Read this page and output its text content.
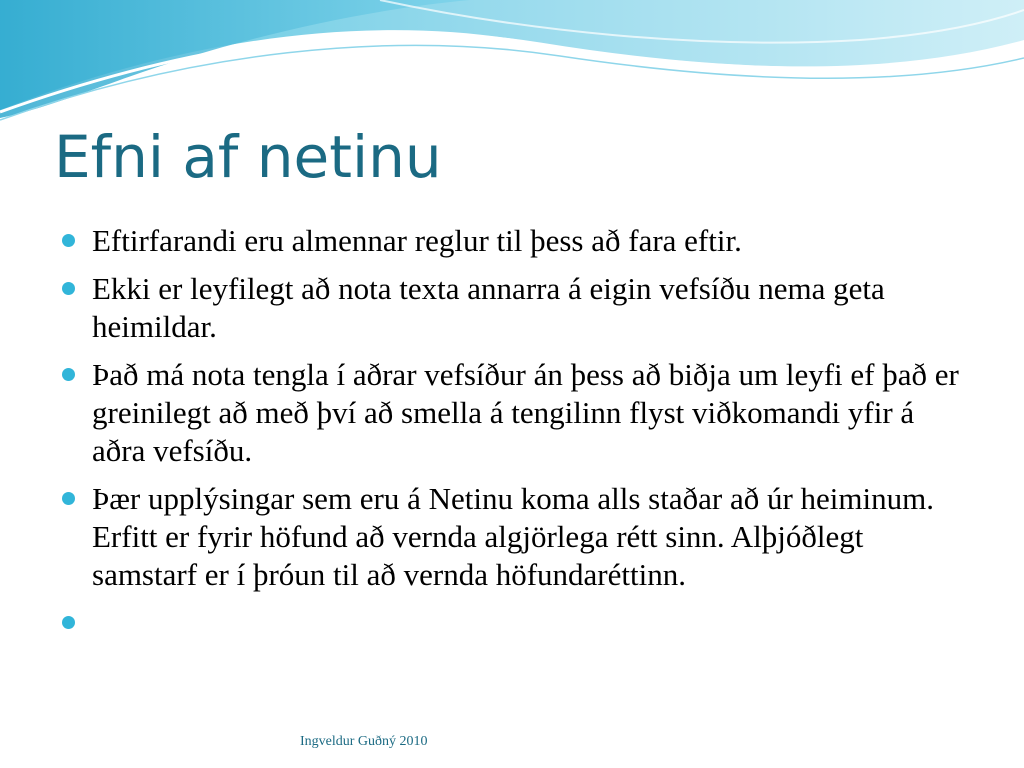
Efni af netinu
Eftirfarandi eru almennar reglur til þess að fara eftir.
Ekki er leyfilegt að nota texta annarra á eigin vefsíðu nema geta heimildar.
Það má nota tengla í aðrar vefsíður án þess að biðja um leyfi ef það er greinilegt að með því að smella á tengilinn flyst viðkomandi yfir á aðra vefsíðu.
Þær upplýsingar sem eru á Netinu koma alls staðar að úr heiminum. Erfitt er fyrir höfund að vernda algjörlega rétt sinn. Alþjóðlegt samstarf er í þróun til að vernda höfundaréttinn.
Ingveldur Guðný 2010
